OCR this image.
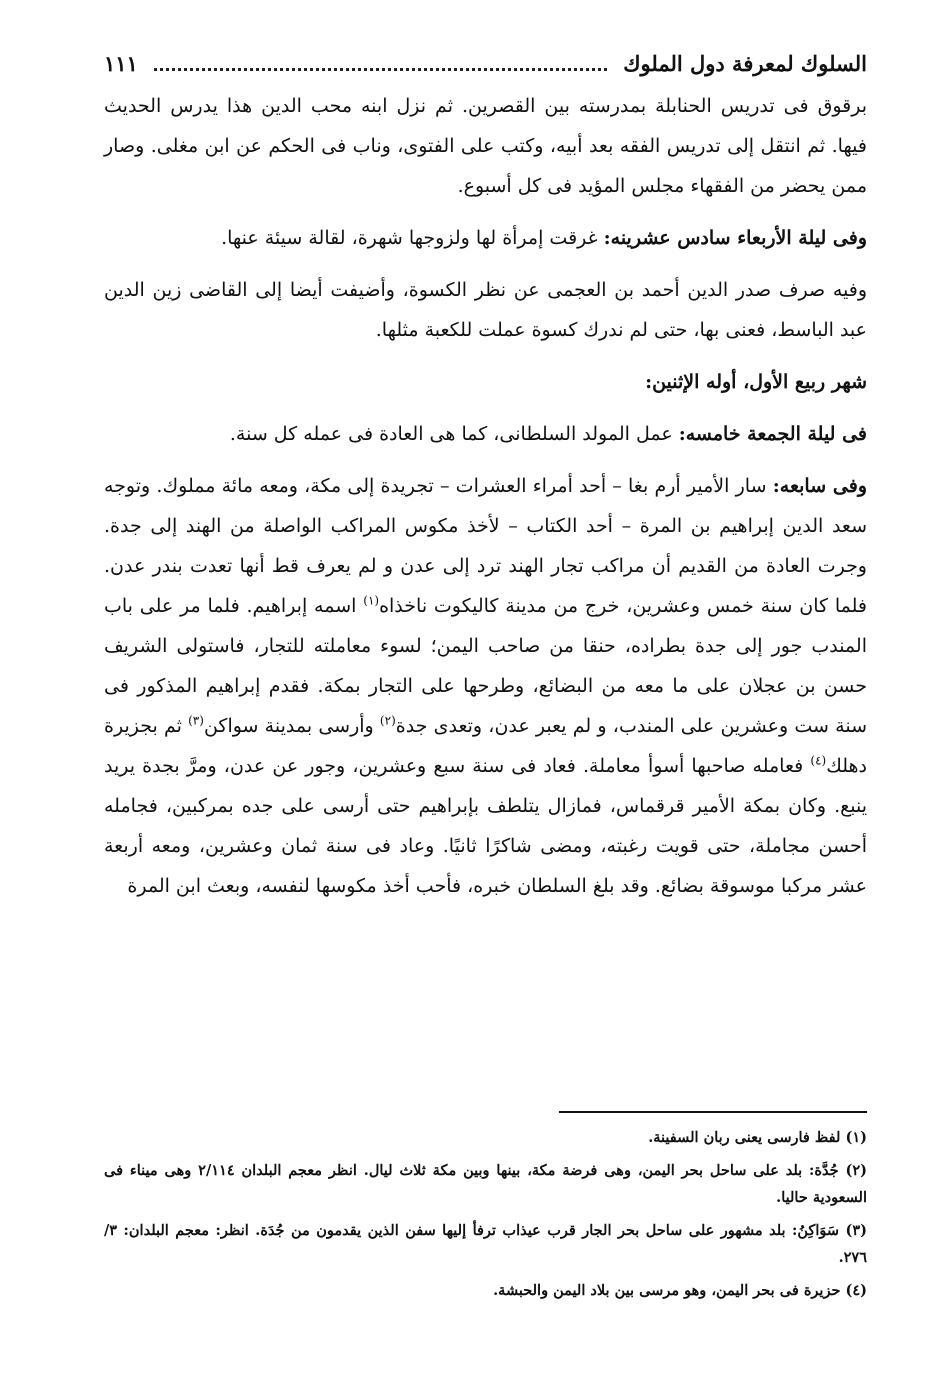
السلوك لمعرفة دول الملوك
١١١

برقوق فى تدريس الحنابلة بمدرسته بين القصرين. ثم نزل ابنه محب الدين هذا يدرس الحديث فيها. ثم انتقل إلى تدريس الفقه بعد أبيه، وكتب على الفتوى، وناب فى الحكم عن ابن مغلى. وصار ممن يحضر من الفقهاء مجلس المؤيد فى كل أسبوع.

وفى ليلة الأربعاء سادس عشرينه: غرقت إمرأة لها ولزوجها شهرة، لقالة سيئة عنها.

وفيه صرف صدر الدين أحمد بن العجمى عن نظر الكسوة، وأضيفت أيضا إلى القاضى زين الدين عبد الباسط، فعنى بها، حتى لم ندرك كسوة عملت للكعبة مثلها.

شهر ربيع الأول، أوله الإثنين:

فى ليلة الجمعة خامسه: عمل المولد السلطانى، كما هى العادة فى عمله كل سنة.

وفى سابعه: سار الأمير أرم بغا – أحد أمراء العشرات – تجريدة إلى مكة، ومعه مائة مملوك. وتوجه سعد الدين إبراهيم بن المرة – أحد الكتاب – لأخذ مكوس المراكب الواصلة من الهند إلى جدة. وجرت العادة من القديم أن مراكب تجار الهند ترد إلى عدن و لم يعرف قط أنها تعدت بندر عدن. فلما كان سنة خمس وعشرين، خرج من مدينة كاليكوت ناخذاه$^{(١)}$ اسمه إبراهيم. فلما مر على باب المندب جور إلى جدة بطراده، حنقا من صاحب اليمن؛ لسوء معاملته للتجار، فاستولى الشريف حسن بن عجلان على ما معه من البضائع، وطرحها على التجار بمكة. فقدم إبراهيم المذكور فى سنة ست وعشرين على المندب، و لم يعبر عدن، وتعدى جدة$^{(٢)}$ وأرسى بمدينة سواكن$^{(٣)}$ ثم بجزيرة دهلك$^{(٤)}$ فعامله صاحبها أسوأ معاملة. فعاد فى سنة سبع وعشرين، وجور عن عدن، ومرَّ بجدة يريد ينبع. وكان بمكة الأمير قرقماس، فمازال يتلطف بإبراهيم حتى أرسى على جده بمركبين، فجامله أحسن مجاملة، حتى قويت رغبته، ومضى شاكرًا ثانيًا. وعاد فى سنة ثمان وعشرين، ومعه أربعة عشر مركبا موسوقة بضائع. وقد بلغ السلطان خبره، فأحب أخذ مكوسها لنفسه، وبعث ابن المرة

(١) لفظ فارسى يعنى ربان السفينة.

(٢) جُدَّة: بلد على ساحل بحر اليمن، وهى فرضة مكة، بينها وبين مكة ثلاث ليال. انظر معجم البلدان ٢/١١٤ وهى ميناء فى السعودية حاليا.

(٣) سَوَاكِنُ: بلد مشهور على ساحل بحر الجار قرب عيذاب ترفأ إليها سفن الذين يقدمون من جُدَة. انظر: معجم البلدان: ٣/ ٢٧٦.

(٤) حزيرة فى بحر اليمن، وهو مرسى بين بلاد اليمن والحبشة.
